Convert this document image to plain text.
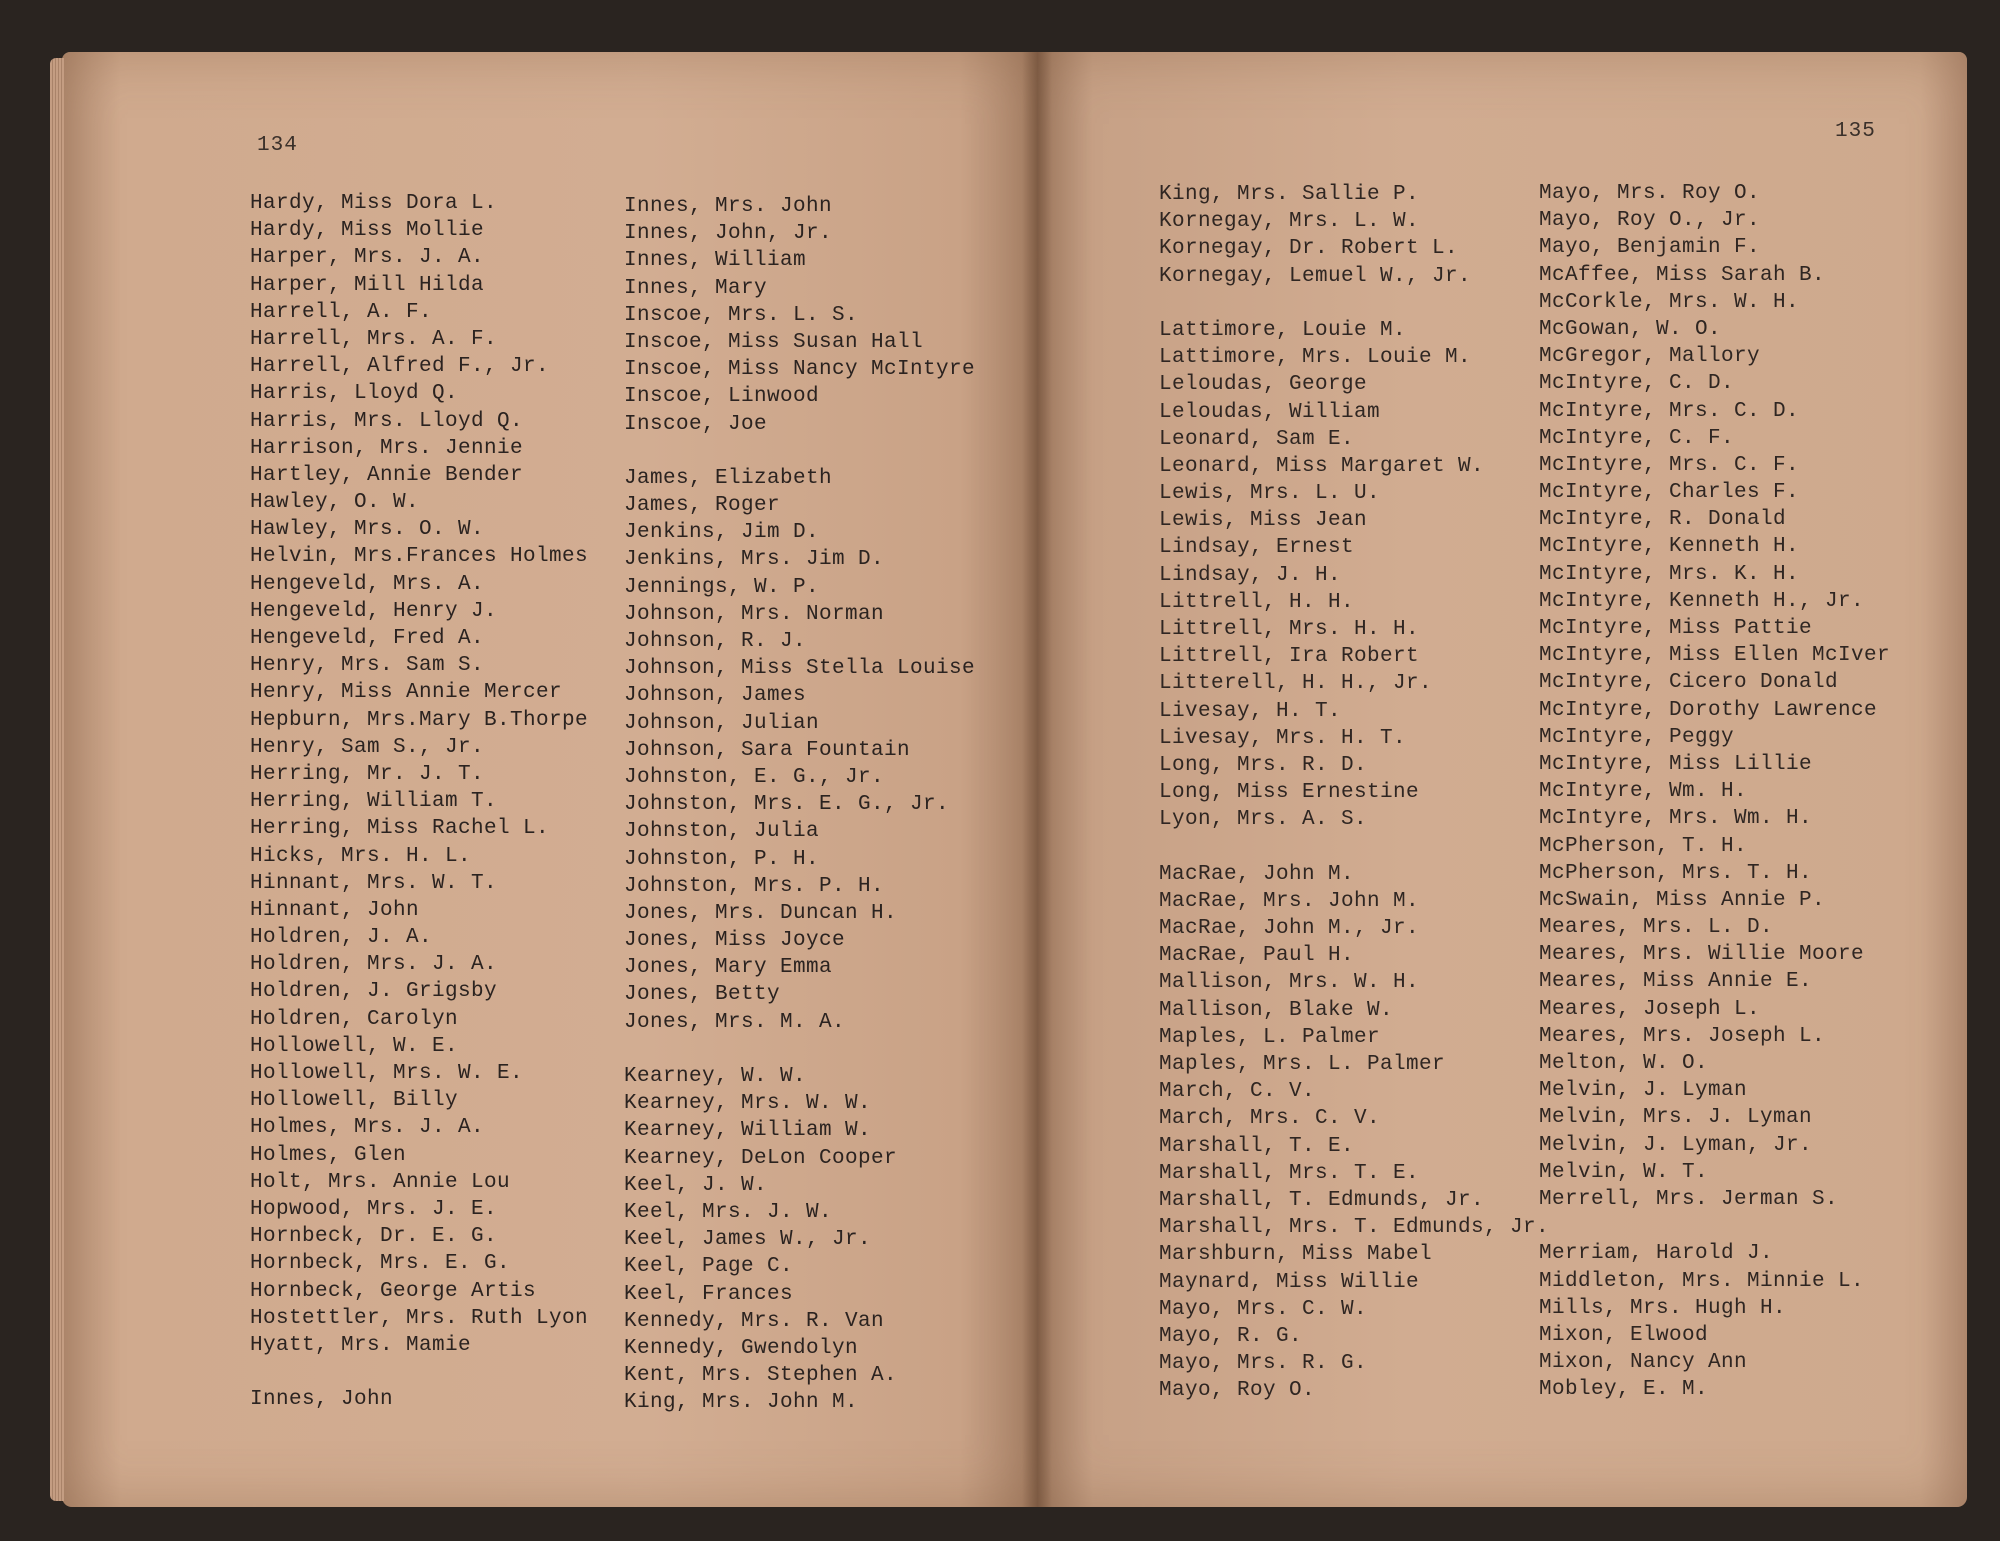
134
Hardy, Miss Dora L.
Hardy, Miss Mollie
Harper, Mrs. J. A.
Harper, Mill Hilda
Harrell, A. F.
Harrell, Mrs. A. F.
Harrell, Alfred F., Jr.
Harris, Lloyd Q.
Harris, Mrs. Lloyd Q.
Harrison, Mrs. Jennie
Hartley, Annie Bender
Hawley, O. W.
Hawley, Mrs. O. W.
Helvin, Mrs.Frances Holmes
Hengeveld, Mrs. A.
Hengeveld, Henry J.
Hengeveld, Fred A.
Henry, Mrs. Sam S.
Henry, Miss Annie Mercer
Hepburn, Mrs.Mary B.Thorpe
Henry, Sam S., Jr.
Herring, Mr. J. T.
Herring, William T.
Herring, Miss Rachel L.
Hicks, Mrs. H. L.
Hinnant, Mrs. W. T.
Hinnant, John
Holdren, J. A.
Holdren, Mrs. J. A.
Holdren, J. Grigsby
Holdren, Carolyn
Hollowell, W. E.
Hollowell, Mrs. W. E.
Hollowell, Billy
Holmes, Mrs. J. A.
Holmes, Glen
Holt, Mrs. Annie Lou
Hopwood, Mrs. J. E.
Hornbeck, Dr. E. G.
Hornbeck, Mrs. E. G.
Hornbeck, George Artis
Hostettler, Mrs. Ruth Lyon
Hyatt, Mrs. Mamie
Innes, John
Innes, Mrs. John
Innes, John, Jr.
Innes, William
Innes, Mary
Inscoe, Mrs. L. S.
Inscoe, Miss Susan Hall
Inscoe, Miss Nancy McIntyre
Inscoe, Linwood
Inscoe, Joe
James, Elizabeth
James, Roger
Jenkins, Jim D.
Jenkins, Mrs. Jim D.
Jennings, W. P.
Johnson, Mrs. Norman
Johnson, R. J.
Johnson, Miss Stella Louise
Johnson, James
Johnson, Julian
Johnson, Sara Fountain
Johnston, E. G., Jr.
Johnston, Mrs. E. G., Jr.
Johnston, Julia
Johnston, P. H.
Johnston, Mrs. P. H.
Jones, Mrs. Duncan H.
Jones, Miss Joyce
Jones, Mary Emma
Jones, Betty
Jones, Mrs. M. A.
Kearney, W. W.
Kearney, Mrs. W. W.
Kearney, William W.
Kearney, DeLon Cooper
Keel, J. W.
Keel, Mrs. J. W.
Keel, James W., Jr.
Keel, Page C.
Keel, Frances
Kennedy, Mrs. R. Van
Kennedy, Gwendolyn
Kent, Mrs. Stephen A.
King, Mrs. John M.
135
King, Mrs. Sallie P.
Kornegay, Mrs. L. W.
Kornegay, Dr. Robert L.
Kornegay, Lemuel W., Jr.
Lattimore, Louie M.
Lattimore, Mrs. Louie M.
Leloudas, George
Leloudas, William
Leonard, Sam E.
Leonard, Miss Margaret W.
Lewis, Mrs. L. U.
Lewis, Miss Jean
Lindsay, Ernest
Lindsay, J. H.
Littrell, H. H.
Littrell, Mrs. H. H.
Littrell, Ira Robert
Litterell, H. H., Jr.
Livesay, H. T.
Livesay, Mrs. H. T.
Long, Mrs. R. D.
Long, Miss Ernestine
Lyon, Mrs. A. S.
MacRae, John M.
MacRae, Mrs. John M.
MacRae, John M., Jr.
MacRae, Paul H.
Mallison, Mrs. W. H.
Mallison, Blake W.
Maples, L. Palmer
Maples, Mrs. L. Palmer
March, C. V.
March, Mrs. C. V.
Marshall, T. E.
Marshall, Mrs. T. E.
Marshall, T. Edmunds, Jr.
Marshall, Mrs. T. Edmunds, Jr.
Marshburn, Miss Mabel
Maynard, Miss Willie
Mayo, Mrs. C. W.
Mayo, R. G.
Mayo, Mrs. R. G.
Mayo, Roy O.
Mayo, Mrs. Roy O.
Mayo, Roy O., Jr.
Mayo, Benjamin F.
McAffee, Miss Sarah B.
McCorkle, Mrs. W. H.
McGowan, W. O.
McGregor, Mallory
McIntyre, C. D.
McIntyre, Mrs. C. D.
McIntyre, C. F.
McIntyre, Mrs. C. F.
McIntyre, Charles F.
McIntyre, R. Donald
McIntyre, Kenneth H.
McIntyre, Mrs. K. H.
McIntyre, Kenneth H., Jr.
McIntyre, Miss Pattie
McIntyre, Miss Ellen McIver
McIntyre, Cicero Donald
McIntyre, Dorothy Lawrence
McIntyre, Peggy
McIntyre, Miss Lillie
McIntyre, Wm. H.
McIntyre, Mrs. Wm. H.
McPherson, T. H.
McPherson, Mrs. T. H.
McSwain, Miss Annie P.
Meares, Mrs. L. D.
Meares, Mrs. Willie Moore
Meares, Miss Annie E.
Meares, Joseph L.
Meares, Mrs. Joseph L.
Melton, W. O.
Melvin, J. Lyman
Melvin, Mrs. J. Lyman
Melvin, J. Lyman, Jr.
Melvin, W. T.
Merrell, Mrs. Jerman S.
Merriam, Harold J.
Middleton, Mrs. Minnie L.
Mills, Mrs. Hugh H.
Mixon, Elwood
Mixon, Nancy Ann
Mobley, E. M.
